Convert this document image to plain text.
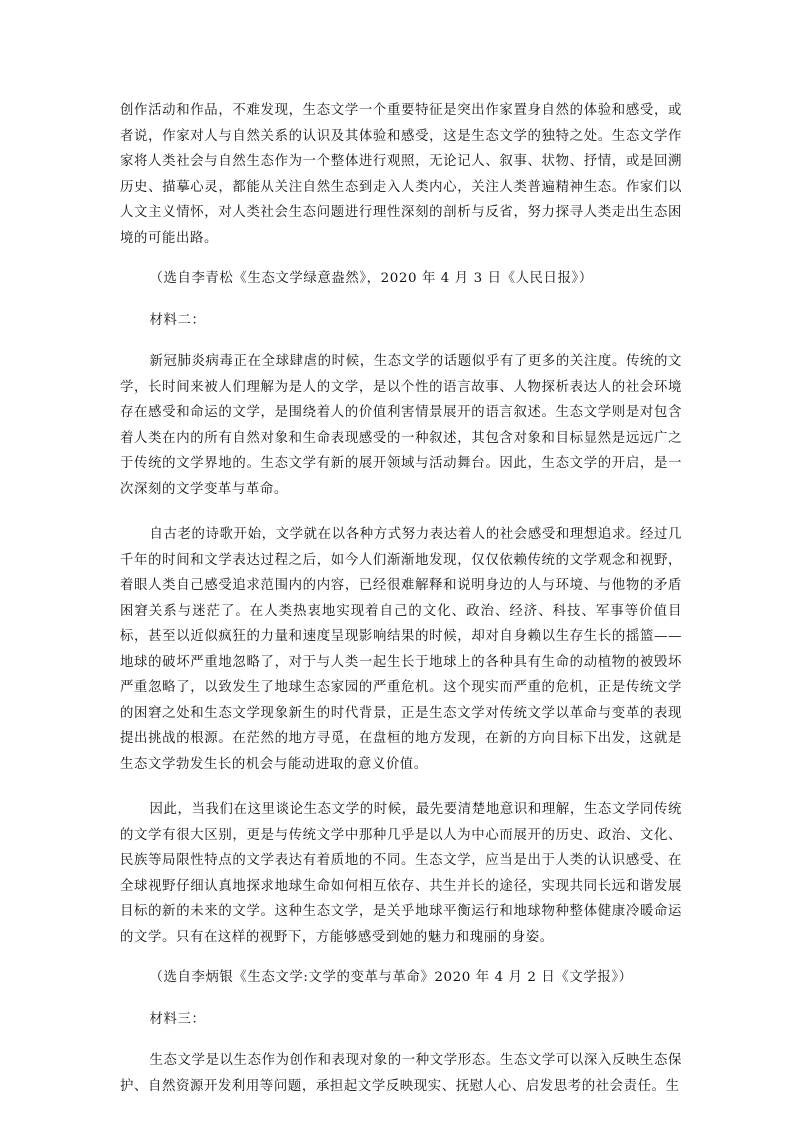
创作活动和作品，不难发现，生态文学一个重要特征是突出作家置身自然的体验和感受，或者说，作家对人与自然关系的认识及其体验和感受，这是生态文学的独特之处。生态文学作家将人类社会与自然生态作为一个整体进行观照，无论记人、叙事、状物、抒情，或是回溯历史、描摹心灵，都能从关注自然生态到走入人类内心，关注人类普遍精神生态。作家们以人文主义情怀，对人类社会生态问题进行理性深刻的剖析与反省，努力探寻人类走出生态困境的可能出路。

（选自李青松《生态文学绿意盎然》，2020 年 4 月 3 日《人民日报》）

材料二：

新冠肺炎病毒正在全球肆虐的时候，生态文学的话题似乎有了更多的关注度。传统的文学，长时间来被人们理解为是人的文学，是以个性的语言故事、人物探析表达人的社会环境存在感受和命运的文学，是围绕着人的价值利害情景展开的语言叙述。生态文学则是对包含着人类在内的所有自然对象和生命表现感受的一种叙述，其包含对象和目标显然是远远广之于传统的文学界地的。生态文学有新的展开领域与活动舞台。因此，生态文学的开启，是一次深刻的文学变革与革命。

自古老的诗歌开始，文学就在以各种方式努力表达着人的社会感受和理想追求。经过几千年的时间和文学表达过程之后，如今人们渐渐地发现，仅仅依赖传统的文学观念和视野，着眼人类自己感受追求范围内的内容，已经很难解释和说明身边的人与环境、与他物的矛盾困窘关系与迷茫了。在人类热衷地实现着自己的文化、政治、经济、科技、军事等价值目标，甚至以近似疯狂的力量和速度呈现影响结果的时候，却对自身赖以生存生长的摇篮——地球的破坏严重地忽略了，对于与人类一起生长于地球上的各种具有生命的动植物的被毁坏严重忽略了，以致发生了地球生态家园的严重危机。这个现实而严重的危机，正是传统文学的困窘之处和生态文学现象新生的时代背景，正是生态文学对传统文学以革命与变革的表现提出挑战的根源。在茫然的地方寻觅，在盘桓的地方发现，在新的方向目标下出发，这就是生态文学勃发生长的机会与能动进取的意义价值。

因此，当我们在这里谈论生态文学的时候，最先要清楚地意识和理解，生态文学同传统的文学有很大区别，更是与传统文学中那种几乎是以人为中心而展开的历史、政治、文化、民族等局限性特点的文学表达有着质地的不同。生态文学，应当是出于人类的认识感受、在全球视野仔细认真地探求地球生命如何相互依存、共生并长的途径，实现共同长远和谐发展目标的新的未来的文学。这种生态文学，是关乎地球平衡运行和地球物种整体健康冷暖命运的文学。只有在这样的视野下，方能够感受到她的魅力和瑰丽的身姿。

（选自李炳银《生态文学:文学的变革与革命》2020 年 4 月 2 日《文学报》）

材料三：

生态文学是以生态作为创作和表现对象的一种文学形态。生态文学可以深入反映生态保护、自然资源开发利用等问题，承担起文学反映现实、抚慰人心、启发思考的社会责任。生
